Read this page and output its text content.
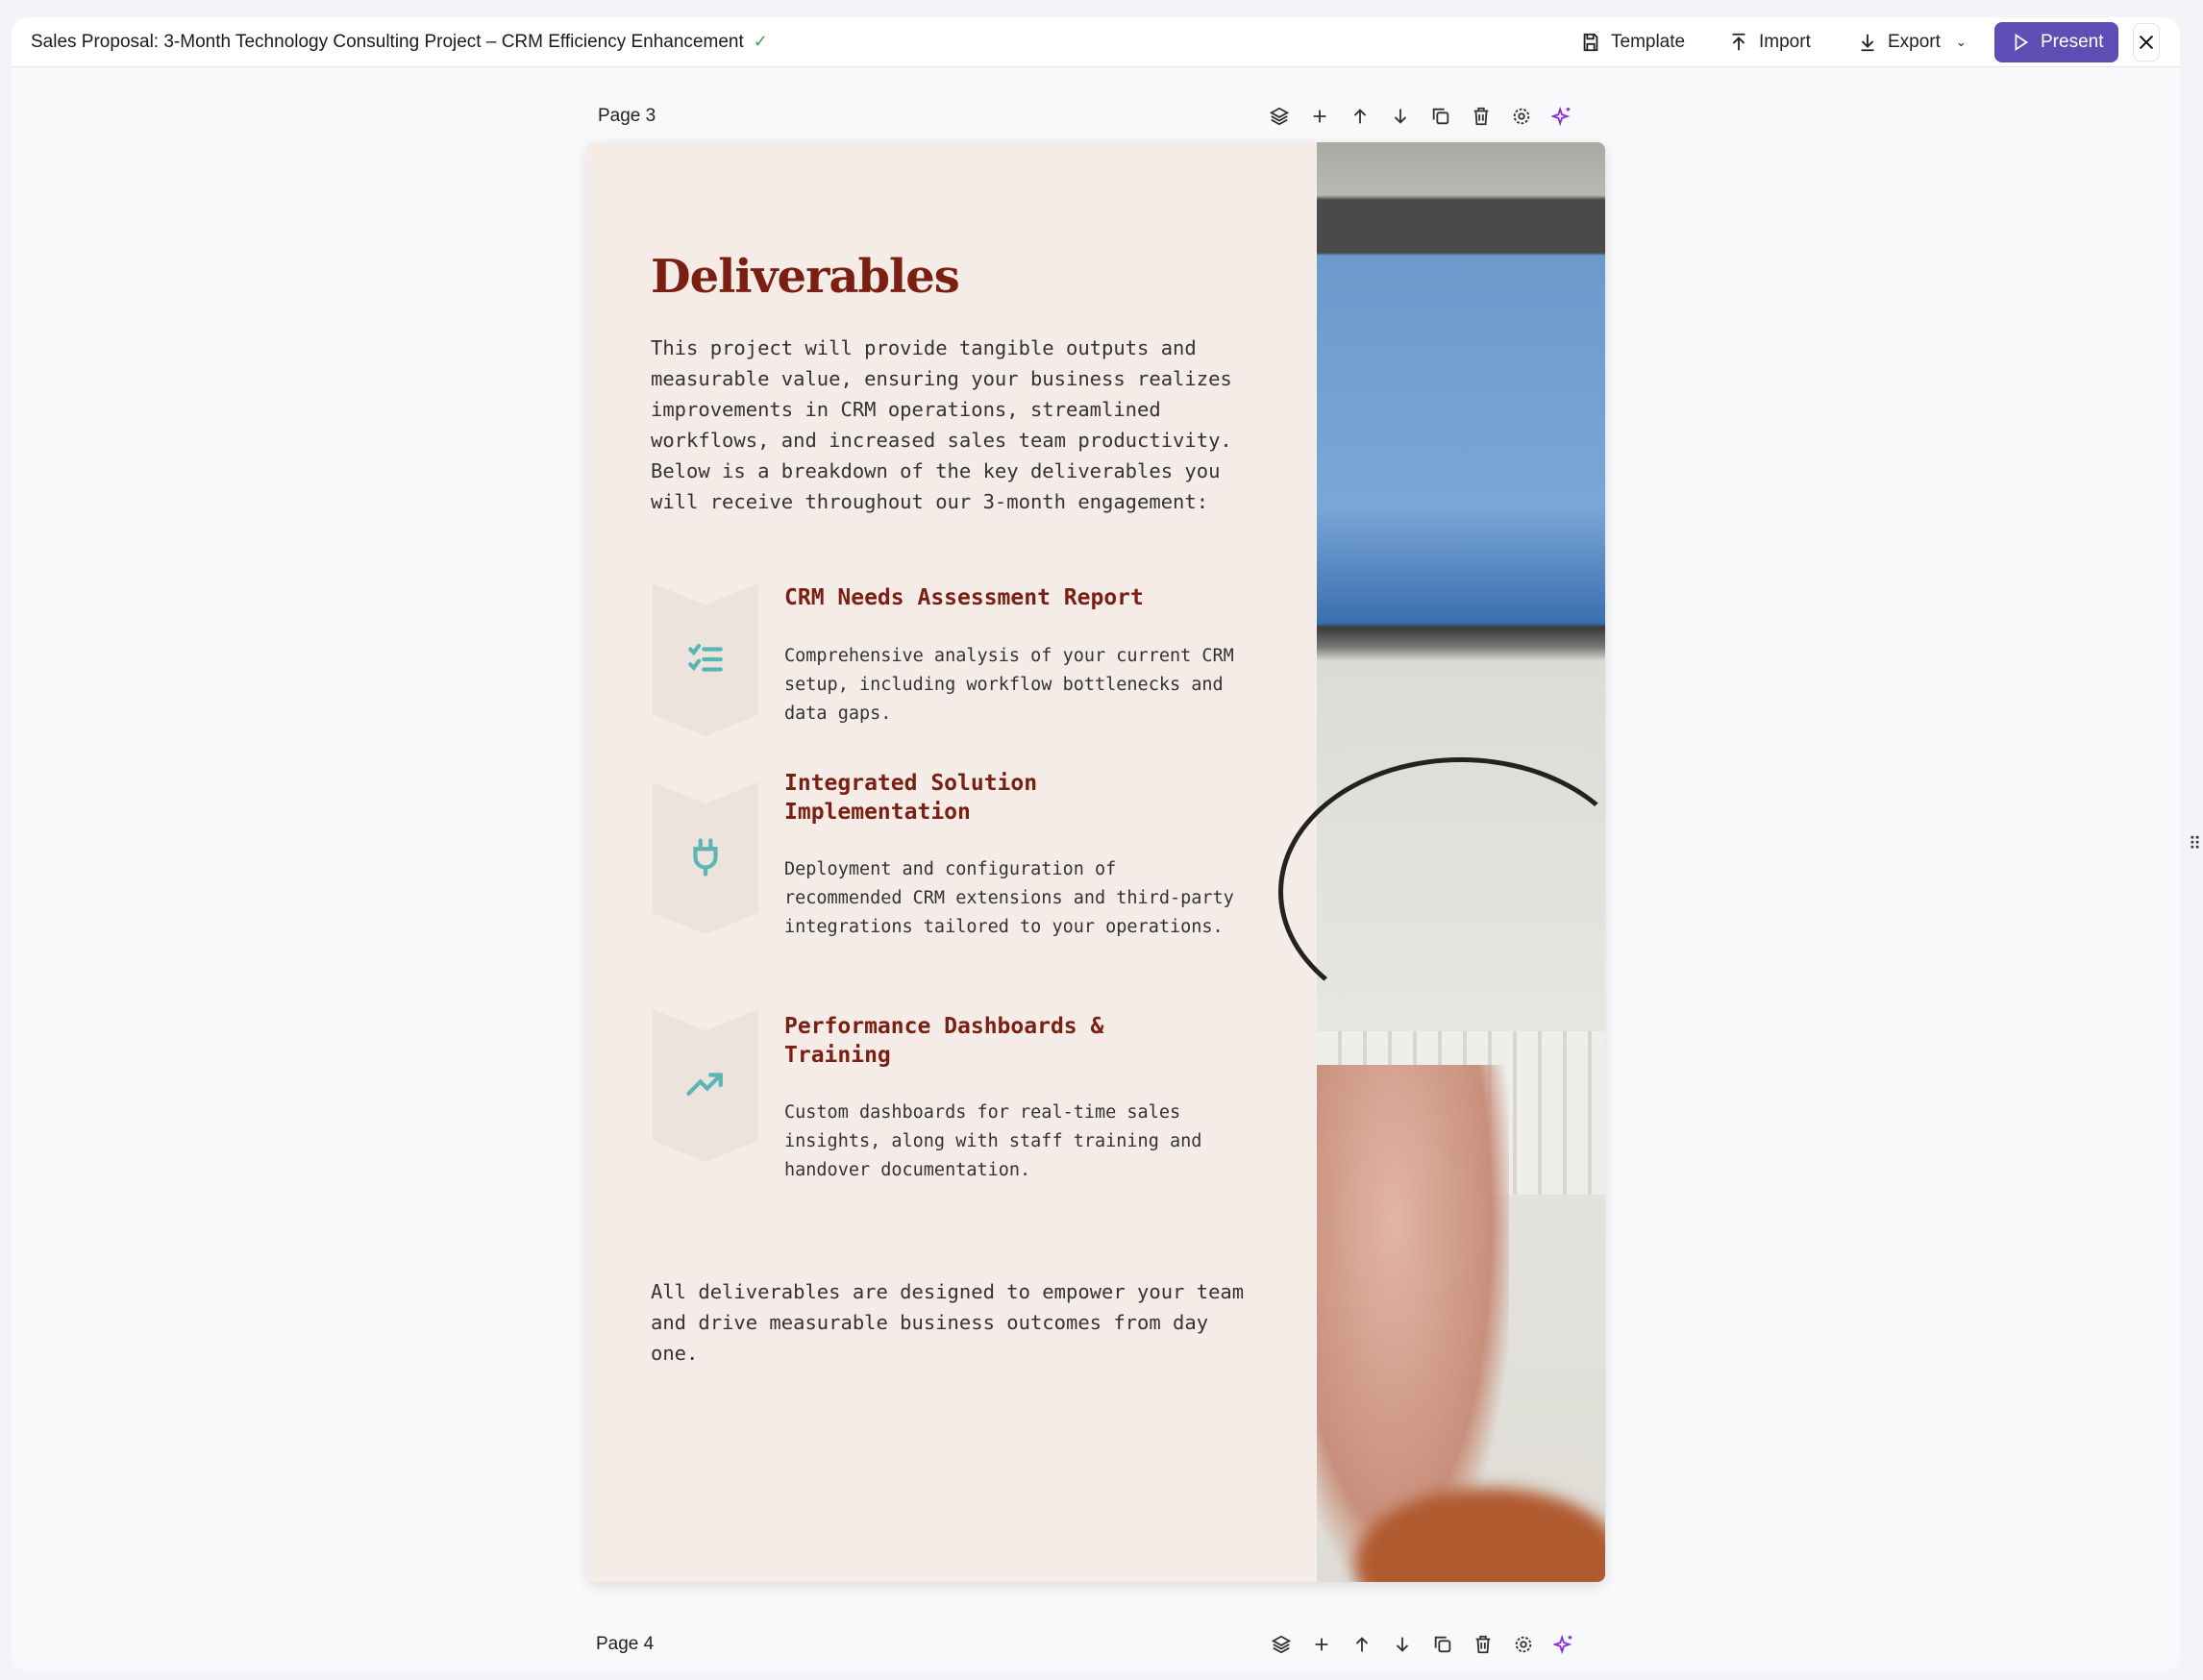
Sales Proposal: 3-Month Technology Consulting Project – CRM Efficiency Enhancement ✓	Template	Import	Export ⌄	Present
Page 3
Deliverables
This project will provide tangible outputs and measurable value, ensuring your business realizes improvements in CRM operations, streamlined workflows, and increased sales team productivity. Below is a breakdown of the key deliverables you will receive throughout our 3-month engagement:
CRM Needs Assessment Report
Comprehensive analysis of your current CRM setup, including workflow bottlenecks and data gaps.
Integrated Solution Implementation
Deployment and configuration of recommended CRM extensions and third-party integrations tailored to your operations.
Performance Dashboards & Training
Custom dashboards for real-time sales insights, along with staff training and handover documentation.
All deliverables are designed to empower your team and drive measurable business outcomes from day one.
Page 4
⠿
